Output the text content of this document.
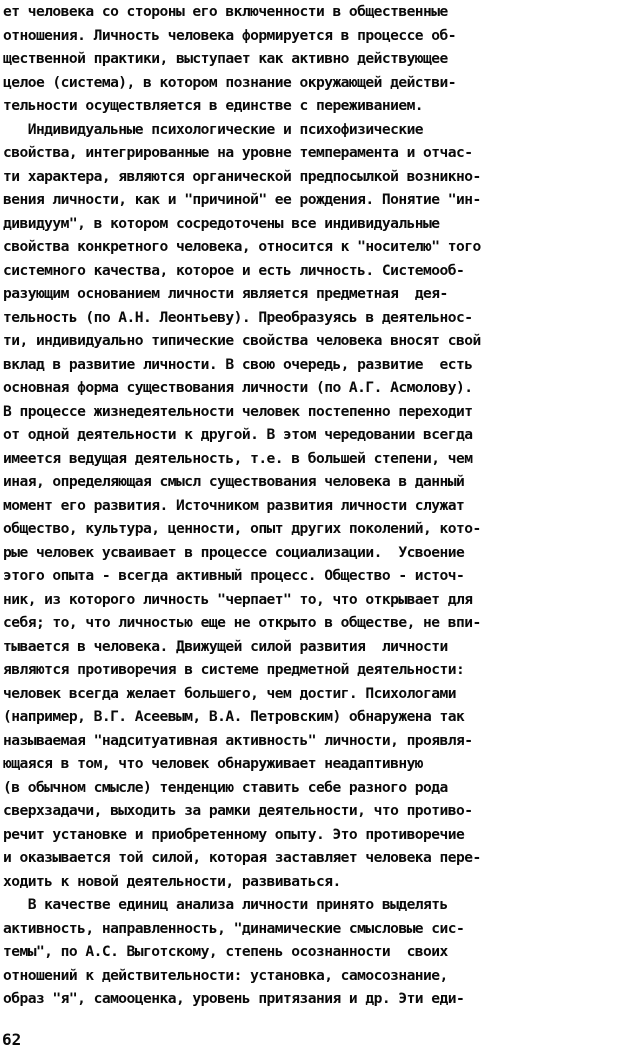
ет человека со стороны его включенности в общественные
отношения. Личность человека формируется в процессе об-
щественной практики, выступает как активно действующее
целое (система), в котором познание окружающей действи-
тельности осуществляется в единстве с переживанием.
Индивидуальные психологические и психофизические
свойства, интегрированные на уровне темперамента и отчас-
ти характера, являются органической предпосылкой возникно-
вения личности, как и "причиной" ее рождения. Понятие "ин-
дивидуум", в котором сосредоточены все индивидуальные
свойства конкретного человека, относится к "носителю" того
системного качества, которое и есть личность. Системооб-
разующим основанием личности является предметная  дея-
тельность (по А.Н. Леонтьеву). Преобразуясь в деятельнос-
ти, индивидуально типические свойства человека вносят свой
вклад в развитие личности. В свою очередь, развитие  есть
основная форма существования личности (по А.Г. Асмолову).
В процессе жизнедеятельности человек постепенно переходит
от одной деятельности к другой. В этом чередовании всегда
имеется ведущая деятельность, т.е. в большей степени, чем
иная, определяющая смысл существования человека в данный
момент его развития. Источником развития личности служат
общество, культура, ценности, опыт других поколений, кото-
рые человек усваивает в процессе социализации.  Усвоение
этого опыта - всегда активный процесс. Общество - источ-
ник, из которого личность "черпает" то, что открывает для
себя; то, что личностью еще не открыто в обществе, не впи-
тывается в человека. Движущей силой развития  личности
являются противоречия в системе предметной деятельности:
человек всегда желает большего, чем достиг. Психологами
(например, В.Г. Асеевым, В.А. Петровским) обнаружена так
называемая "надситуативная активность" личности, проявля-
ющаяся в том, что человек обнаруживает неадаптивную
(в обычном смысле) тенденцию ставить себе разного рода
сверхзадачи, выходить за рамки деятельности, что противо-
речит установке и приобретенному опыту. Это противоречие
и оказывается той силой, которая заставляет человека пере-
ходить к новой деятельности, развиваться.
В качестве единиц анализа личности принято выделять
активность, направленность, "динамические смысловые сис-
темы", по А.С. Выготскому, степень осознанности  своих
отношений к действительности: установка, самосознание,
образ "я", самооценка, уровень притязания и др. Эти еди-
62
